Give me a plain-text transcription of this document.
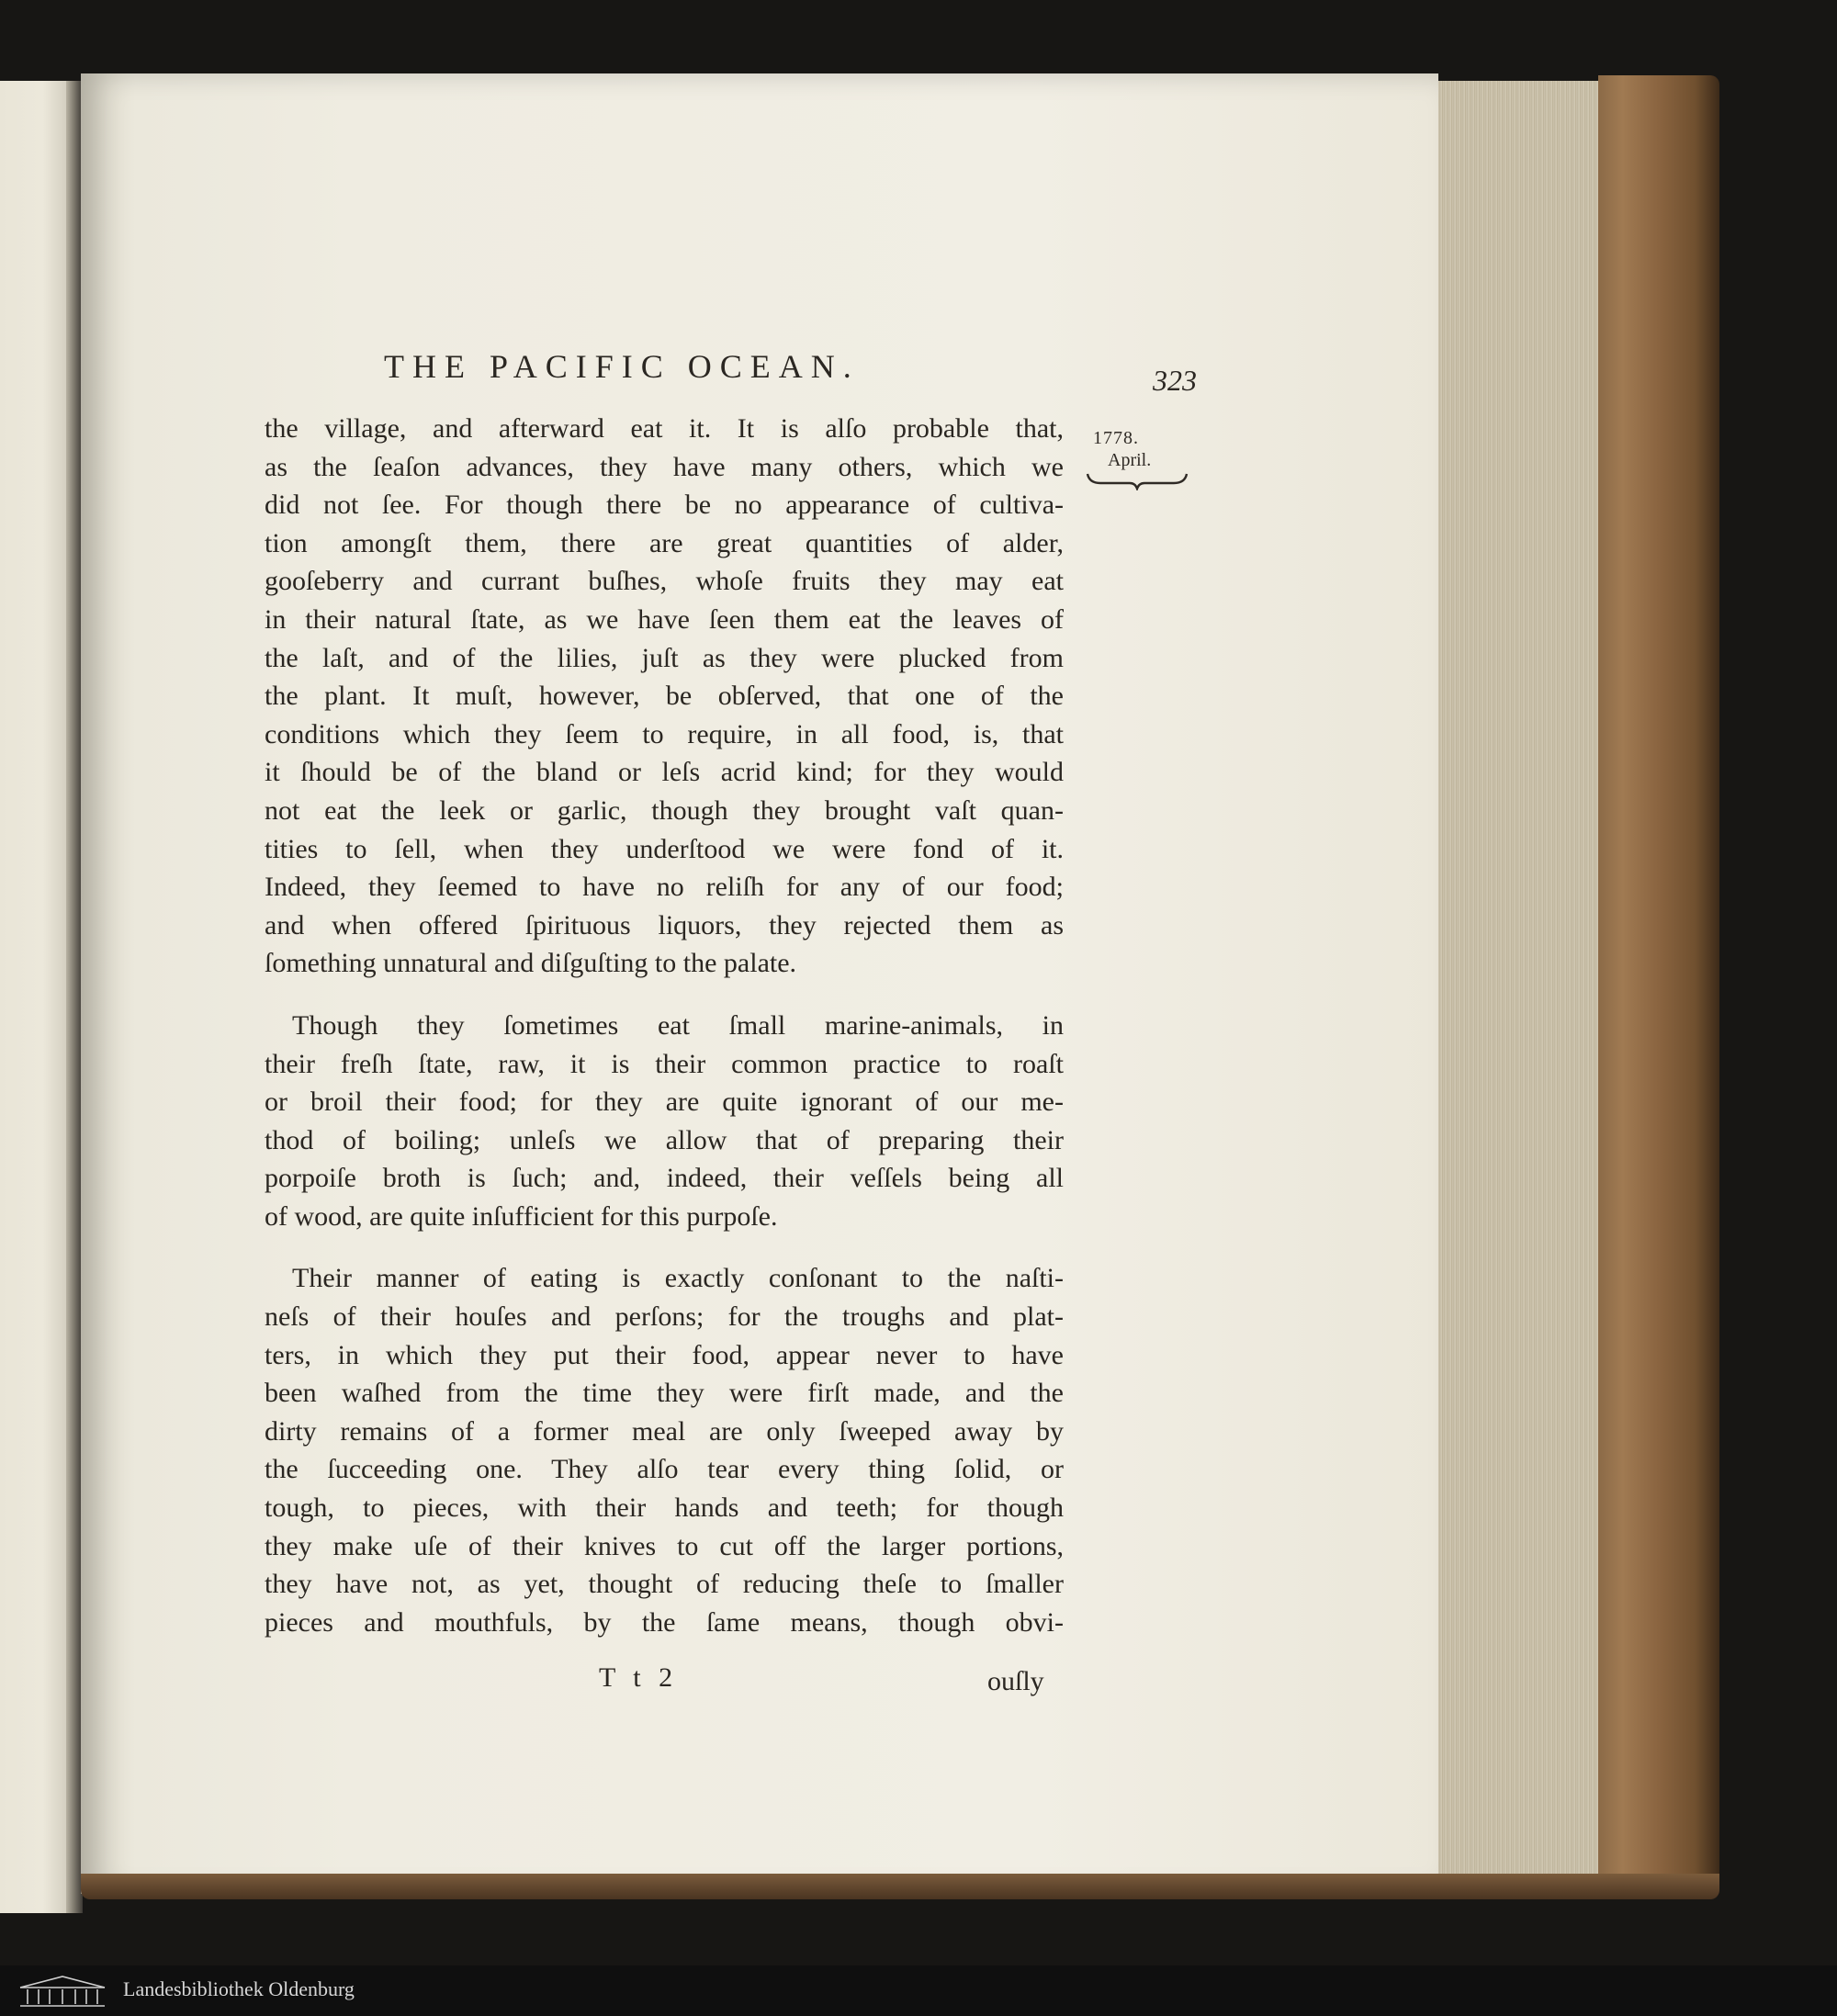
THE PACIFIC OCEAN.	323
1778.
April.
the village, and afterward eat it. It is alſo probable that,
as the ſeaſon advances, they have many others, which we
did not ſee. For though there be no appearance of cultiva-
tion amongſt them, there are great quantities of alder,
gooſeberry and currant buſhes, whoſe fruits they may eat
in their natural ſtate, as we have ſeen them eat the leaves of
the laſt, and of the lilies, juſt as they were plucked from
the plant. It muſt, however, be obſerved, that one of the
conditions which they ſeem to require, in all food, is, that
it ſhould be of the bland or leſs acrid kind; for they would
not eat the leek or garlic, though they brought vaſt quan-
tities to ſell, when they underſtood we were fond of it.
Indeed, they ſeemed to have no reliſh for any of our food;
and when offered ſpirituous liquors, they rejected them as
ſomething unnatural and diſguſting to the palate.
Though they ſometimes eat ſmall marine-animals, in
their freſh ſtate, raw, it is their common practice to roaſt
or broil their food; for they are quite ignorant of our me-
thod of boiling; unleſs we allow that of preparing their
porpoiſe broth is ſuch; and, indeed, their veſſels being all
of wood, are quite inſufficient for this purpoſe.
Their manner of eating is exactly conſonant to the naſti-
neſs of their houſes and perſons; for the troughs and plat-
ters, in which they put their food, appear never to have
been waſhed from the time they were firſt made, and the
dirty remains of a former meal are only ſweeped away by
the ſucceeding one. They alſo tear every thing ſolid, or
tough, to pieces, with their hands and teeth; for though
they make uſe of their knives to cut off the larger portions,
they have not, as yet, thought of reducing theſe to ſmaller
pieces and mouthfuls, by the ſame means, though obvi-
T t 2	ouſly
Landesbibliothek Oldenburg
